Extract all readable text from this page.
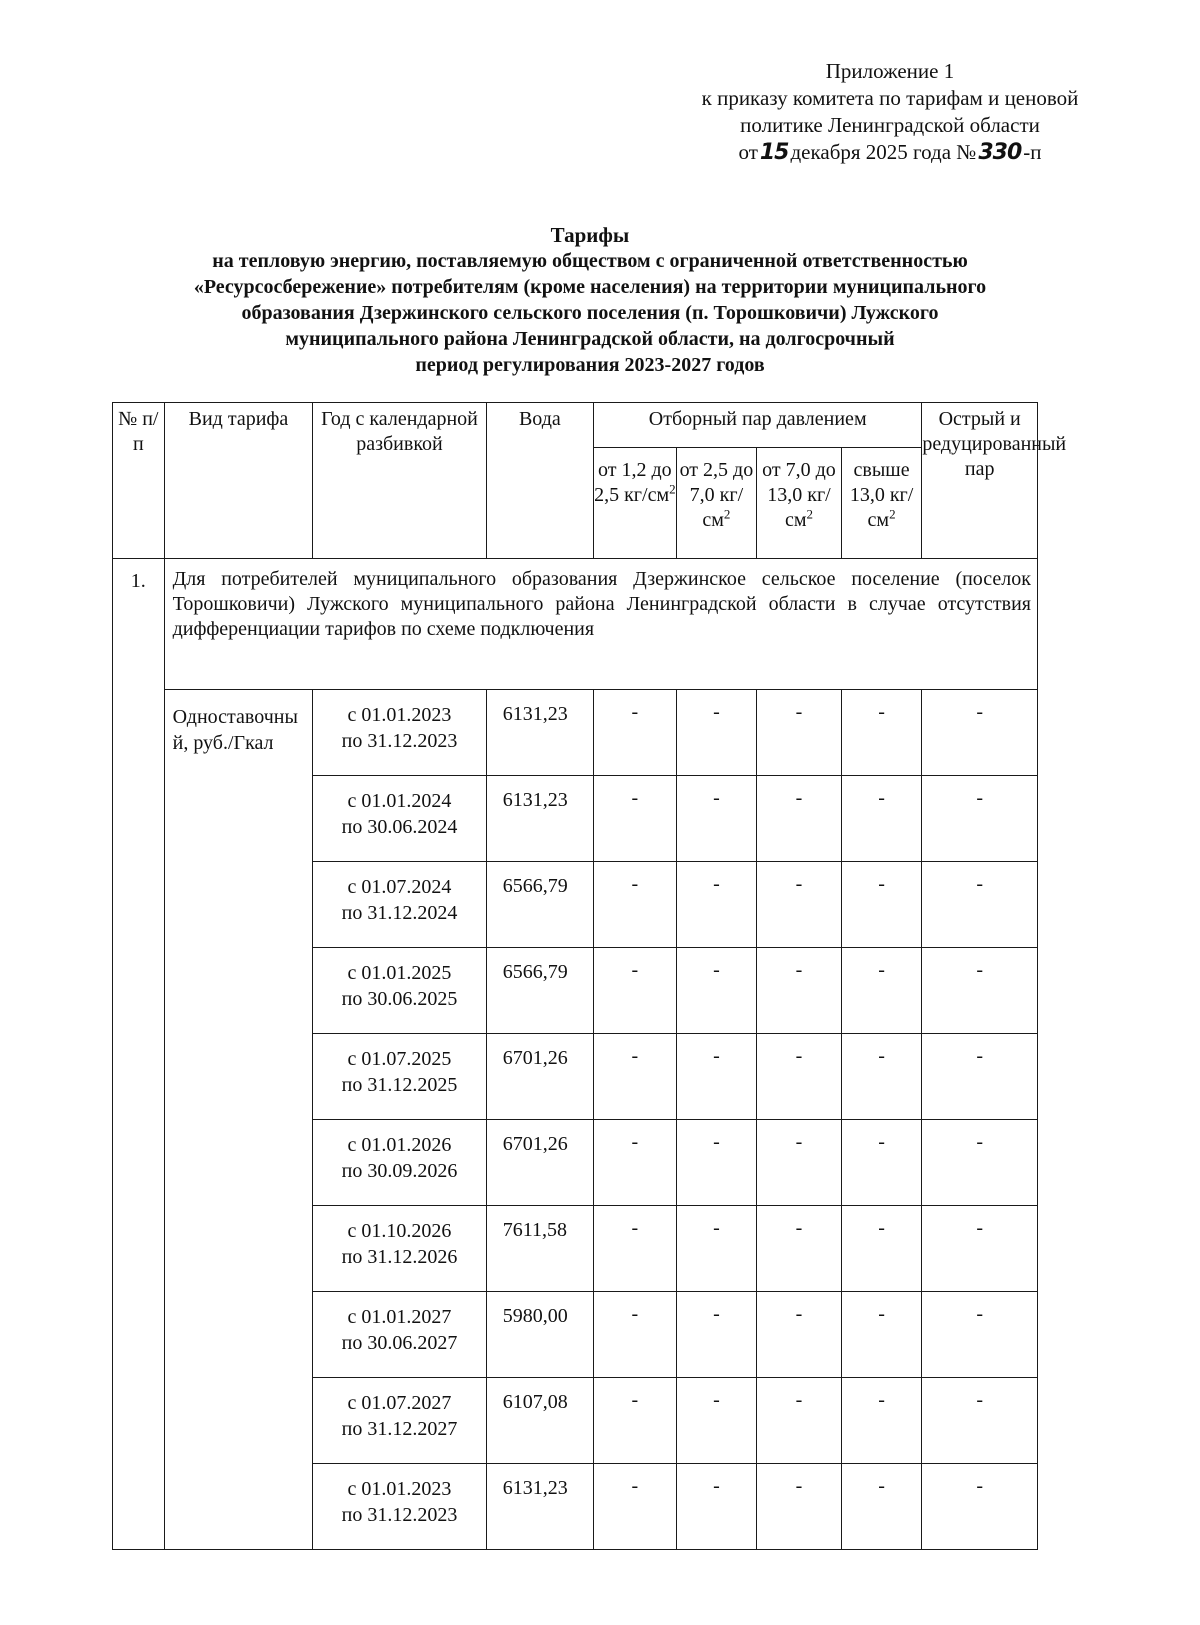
Приложение 1
к приказу комитета по тарифам и ценовой
политике Ленинградской области
от15декабря 2025 года №330-п
Тарифы
на тепловую энергию, поставляемую обществом с ограниченной ответственностью
«Ресурсосбережение» потребителям (кроме населения) на территории муниципального
образования Дзержинского сельского поселения (п. Торошковичи) Лужского
муниципального района Ленинградской области, на долгосрочный
период регулирования 2023-2027 годов
№ п/п	Вид тарифа	Год с календарной разбивкой	Вода	Отборный пар давлением				Острый и редуцированный пар
				от 1,2 до 2,5 $кг/см^2$	от 2,5 до 7,0 $кг/см^2$	от 7,0 до 13,0 $кг/см^2$	свыше 13,0 $кг/см^2$
1.	Для потребителей муниципального образования Дзержинское сельское поселение (поселок Торошковичи) Лужского муниципального района Ленинградской области в случае отсутствия дифференциации тарифов по схеме подключения							
	Одноставочный, руб./Гкал	с 01.01.2023
по 31.12.2023	6131,23	-	-	-	-	-

		с 01.01.2024
по 30.06.2024	6131,23	-	-	-	-	-

		с 01.07.2024
по 31.12.2024	6566,79	-	-	-	-	-

		с 01.01.2025
по 30.06.2025	6566,79	-	-	-	-	-

		с 01.07.2025
по 31.12.2025	6701,26	-	-	-	-	-

		с 01.01.2026
по 30.09.2026	6701,26	-	-	-	-	-

		с 01.10.2026
по 31.12.2026	7611,58	-	-	-	-	-

		с 01.01.2027
по 30.06.2027	5980,00	-	-	-	-	-

		с 01.07.2027
по 31.12.2027	6107,08	-	-	-	-	-

		с 01.01.2023
по 31.12.2023	6131,23	-	-	-	-	-
